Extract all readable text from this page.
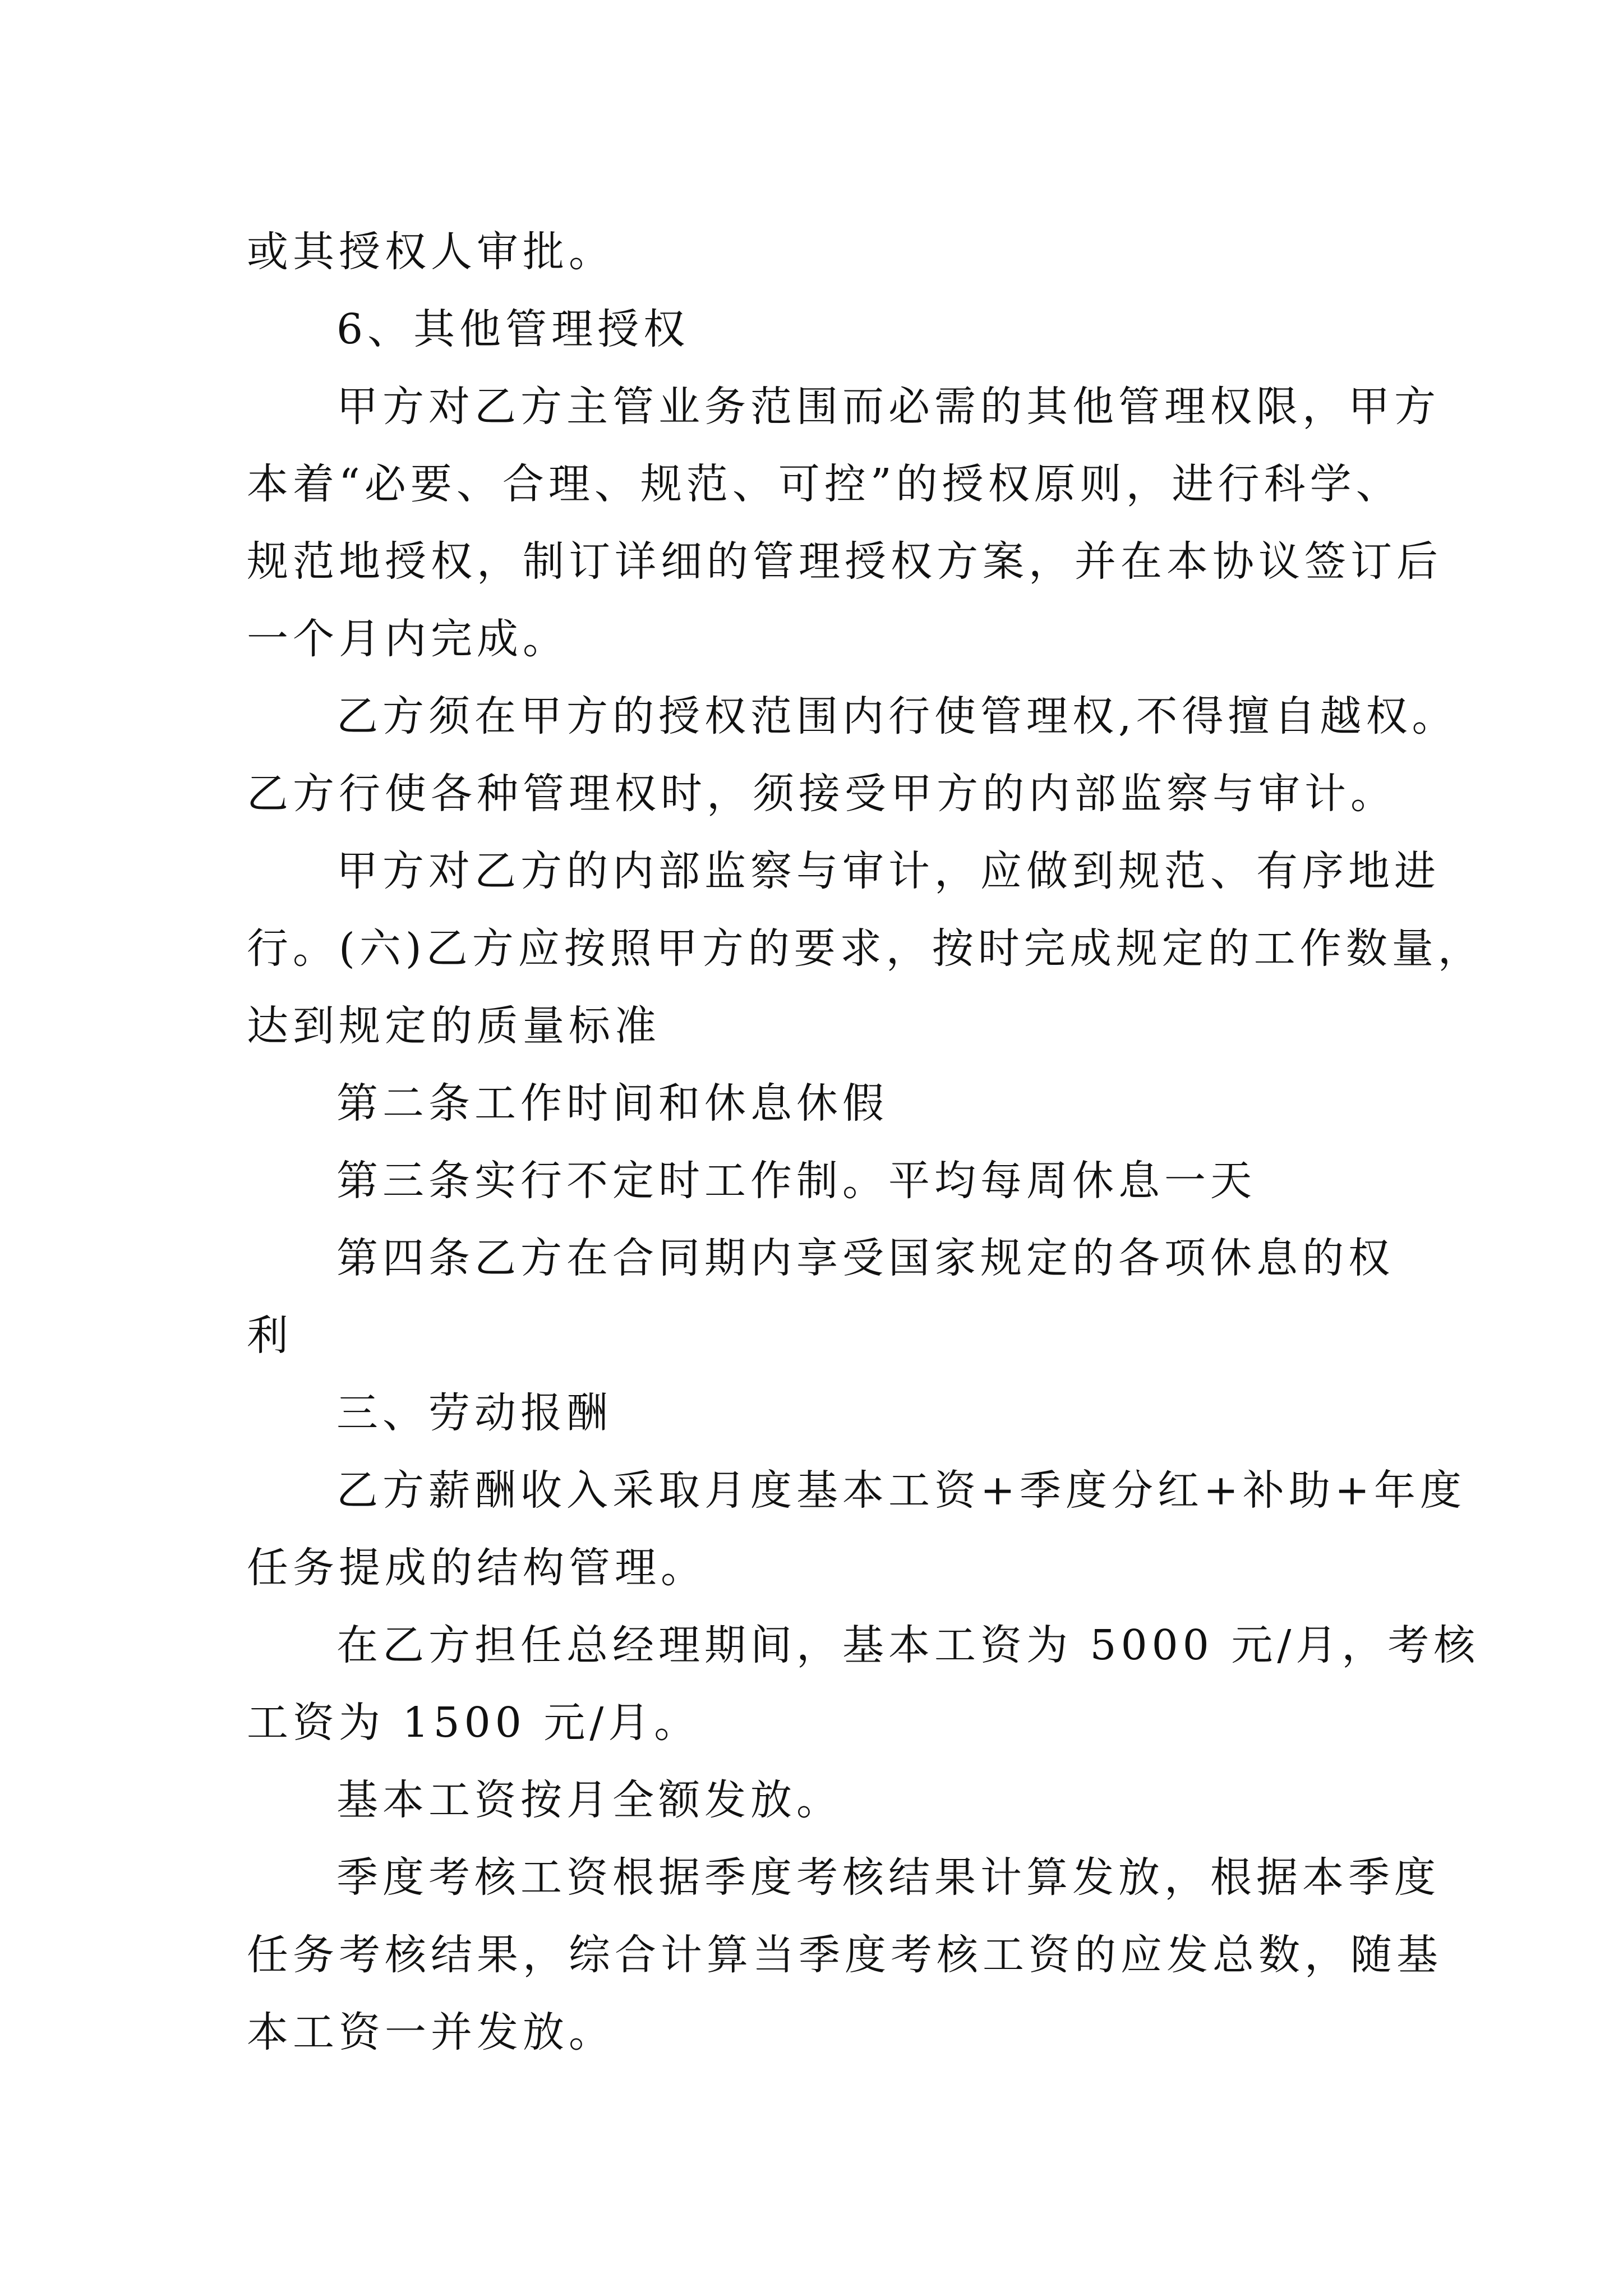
或其授权人审批。
6、其他管理授权
甲方对乙方主管业务范围而必需的其他管理权限，甲方
本着“必要、合理、规范、可控”的授权原则，进行科学、
规范地授权，制订详细的管理授权方案，并在本协议签订后
一个月内完成。
乙方须在甲方的授权范围内行使管理权,不得擅自越权。
乙方行使各种管理权时，须接受甲方的内部监察与审计。
甲方对乙方的内部监察与审计，应做到规范、有序地进
行。(六)乙方应按照甲方的要求，按时完成规定的工作数量，
达到规定的质量标准
第二条工作时间和休息休假
第三条实行不定时工作制。平均每周休息一天
第四条乙方在合同期内享受国家规定的各项休息的权
利
三、劳动报酬
乙方薪酬收入采取月度基本工资+季度分红+补助+年度
任务提成的结构管理。
在乙方担任总经理期间，基本工资为 5000 元/月，考核
工资为 1500 元/月。
基本工资按月全额发放。
季度考核工资根据季度考核结果计算发放，根据本季度
任务考核结果，综合计算当季度考核工资的应发总数，随基
本工资一并发放。
